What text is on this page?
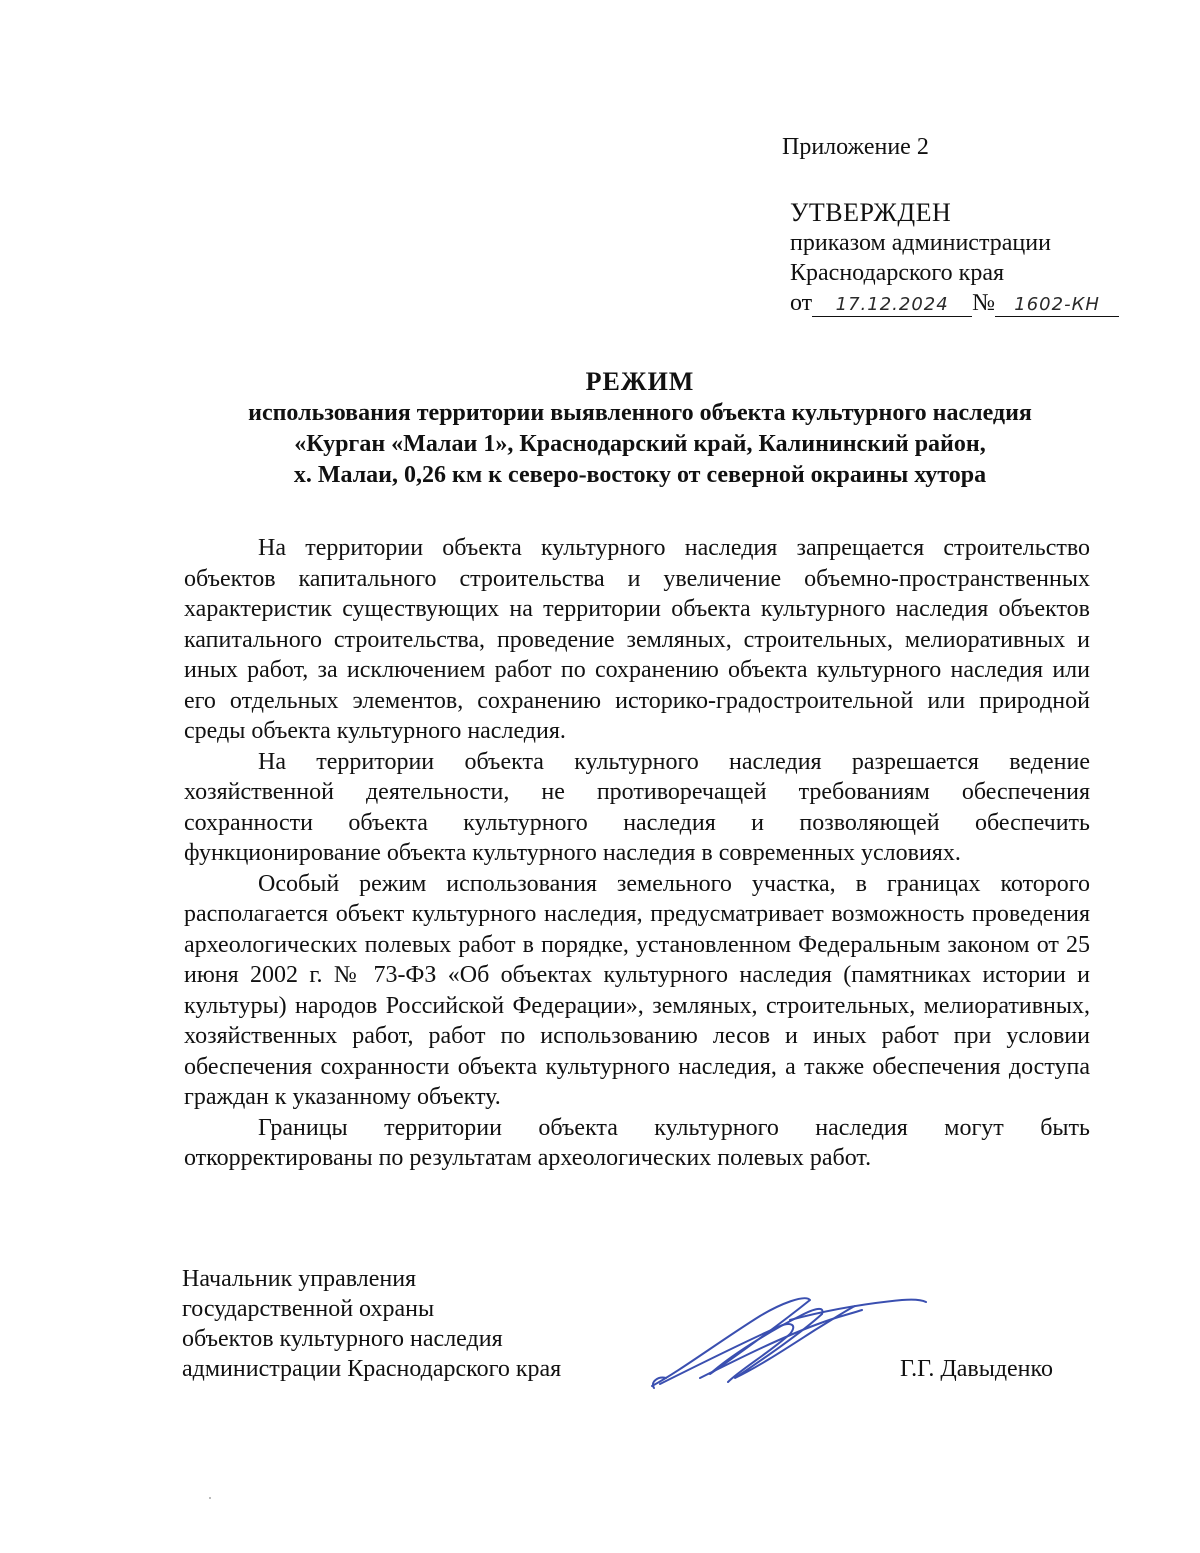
Приложение 2
УТВЕРЖДЕН
приказом администрации
Краснодарского края
от 17.12.2024 № 1602-КН
РЕЖИМ
использования территории выявленного объекта культурного наследия
«Курган «Малаи 1», Краснодарский край, Калининский район,
х. Малаи, 0,26 км к северо-востоку от северной окраины хутора

На территории объекта культурного наследия запрещается строительство объектов капитального строительства и увеличение объемно-пространственных характеристик существующих на территории объекта культурного наследия объектов капитального строительства, проведение земляных, строительных, мелиоративных и иных работ, за исключением работ по сохранению объекта культурного наследия или его отдельных элементов, сохранению историко-градостроительной или природной среды объекта культурного наследия.

На территории объекта культурного наследия разрешается ведение хозяйственной деятельности, не противоречащей требованиям обеспечения сохранности объекта культурного наследия и позволяющей обеспечить функционирование объекта культурного наследия в современных условиях.

Особый режим использования земельного участка, в границах которого располагается объект культурного наследия, предусматривает возможность проведения археологических полевых работ в порядке, установленном Федеральным законом от 25 июня 2002 г. № 73-ФЗ «Об объектах культурного наследия (памятниках истории и культуры) народов Российской Федерации», земляных, строительных, мелиоративных, хозяйственных работ, работ по использованию лесов и иных работ при условии обеспечения сохранности объекта культурного наследия, а также обеспечения доступа граждан к указанному объекту.

Границы территории объекта культурного наследия могут быть откорректированы по результатам археологических полевых работ.

Начальник управления
государственной охраны
объектов культурного наследия
администрации Краснодарского края	Г.Г. Давыденко
